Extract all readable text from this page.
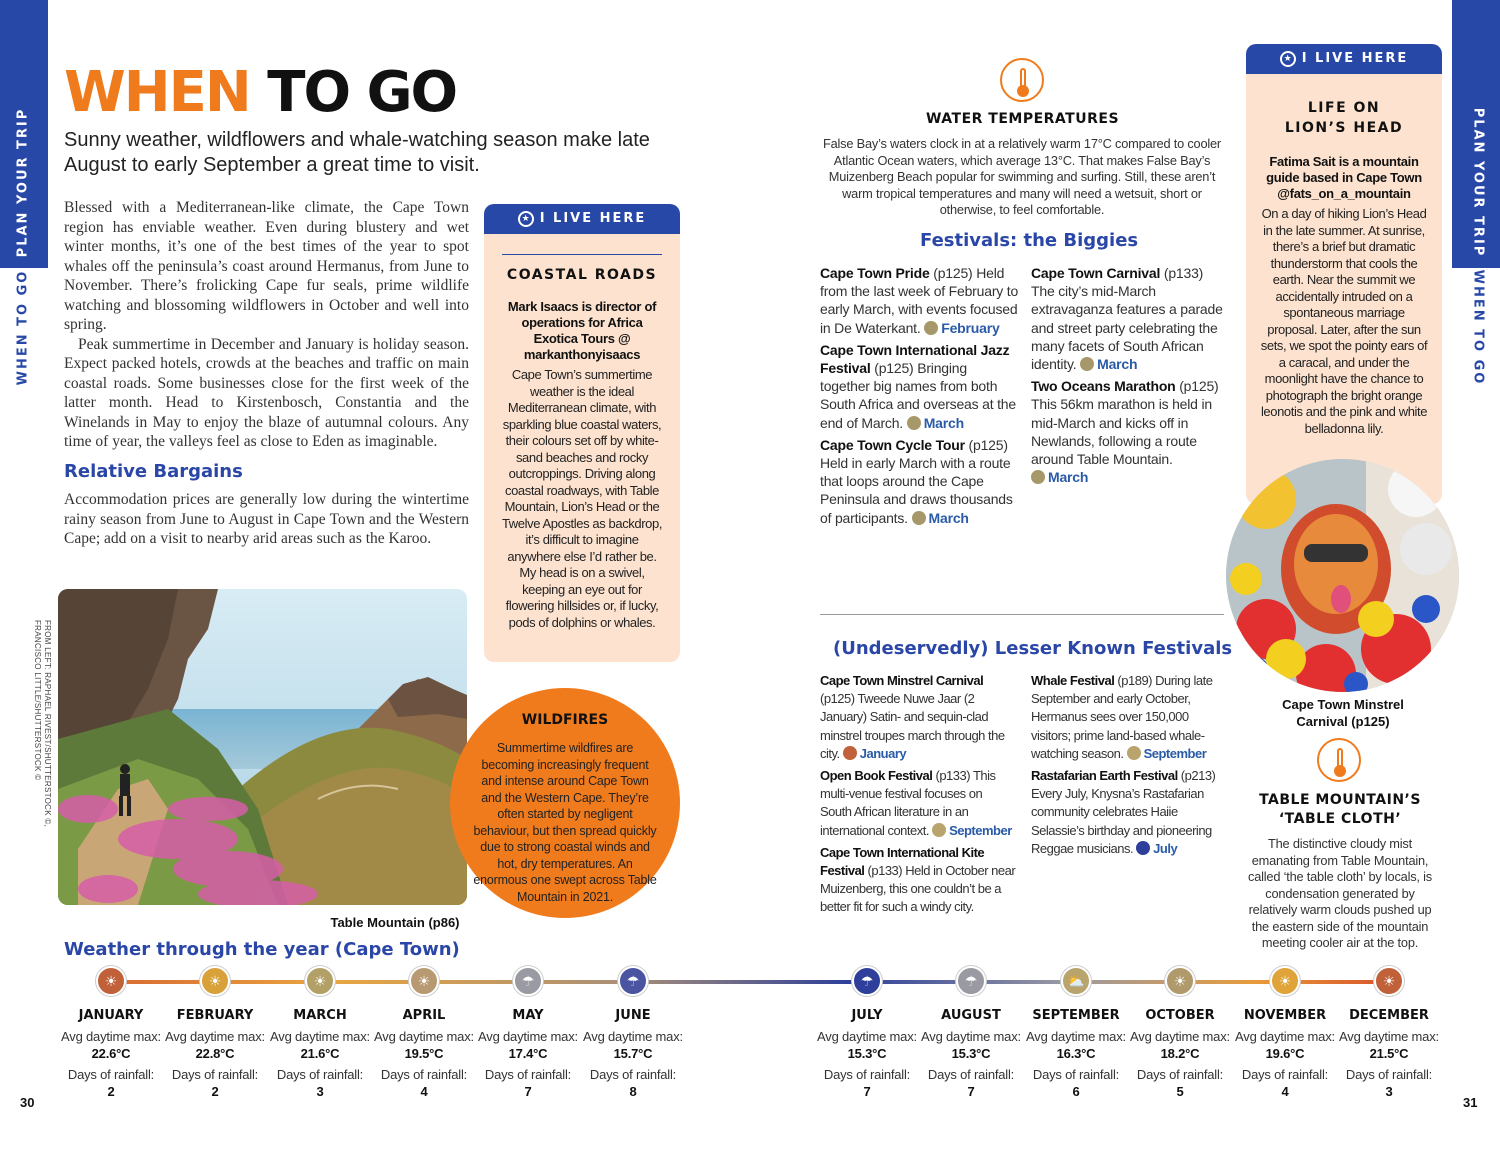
PLAN YOUR TRIP
WHEN TO GO
PLAN YOUR TRIP
WHEN TO GO
WHEN TO GO
Sunny weather, wildflowers and whale-watching season make late August to early September a great time to visit.

Blessed with a Mediterranean-like climate, the Cape Town region has enviable weather. Even during blustery and wet winter months, it’s one of the best times of the year to spot whales off the peninsula’s coast around Hermanus, from June to November. There’s frolicking Cape fur seals, prime wildlife watching and blossoming wildflowers in October and well into spring.

Peak summertime in December and January is holiday season. Expect packed hotels, crowds at the beaches and traffic on main coastal roads. Some businesses close for the first week of the latter month. Head to Kirstenbosch, Constantia and the Winelands in May to enjoy the blaze of autumnal colours. Any time of year, the valleys feel as close to Eden as imaginable.

Relative Bargains
Accommodation prices are generally low during the wintertime rainy season from June to August in Cape Town and the Western Cape; add on a visit to nearby arid areas such as the Karoo.
★ I LIVE HERE
COASTAL ROADS
Mark Isaacs is director of operations for Africa Exotica Tours @ markanthonyisaacs
Cape Town’s summertime weather is the ideal Mediterranean climate, with sparkling blue coastal waters, their colours set off by white-sand beaches and rocky outcroppings. Driving along coastal roadways, with Table Mountain, Lion’s Head or the Twelve Apostles as backdrop, it’s difficult to imagine anywhere else I’d rather be. My head is on a swivel, keeping an eye out for flowering hillsides or, if lucky, pods of dolphins or whales.
★ I LIVE HERE
LIFE ON LION’S HEAD
Fatima Sait is a mountain guide based in Cape Town @fats_on_a_mountain
On a day of hiking Lion’s Head in the late summer. At sunrise, there’s a brief but dramatic thunderstorm that cools the earth. Near the summit we accidentally intruded on a spontaneous marriage proposal. Later, after the sun sets, we spot the pointy ears of a caracal, and under the moonlight have the chance to photograph the bright orange leonotis and the pink and white belladonna lily.
FROM LEFT: RAPHAEL RIVEST/SHUTTERSTOCK ©, FRANCISCO LITTLE/SHUTTERSTOCK ©
Table Mountain (p86)
WILDFIRES
Summertime wildfires are becoming increasingly frequent and intense around Cape Town and the Western Cape. They’re often started by negligent behaviour, but then spread quickly due to strong coastal winds and hot, dry temperatures. An enormous one swept across Table Mountain in 2021.
WATER TEMPERATURES
False Bay’s waters clock in at a relatively warm 17°C compared to cooler Atlantic Ocean waters, which average 13°C. That makes False Bay’s Muizenberg Beach popular for swimming and surfing. Still, these aren’t warm tropical temperatures and many will need a wetsuit, short or otherwise, to feel comfortable.
Festivals: the Biggies
Cape Town Pride (p125) Held from the last week of February to early March, with events focused in De Waterkant. February
Cape Town International Jazz Festival (p125) Bringing together big names from both South Africa and overseas at the end of March. March
Cape Town Cycle Tour (p125) Held in early March with a route that loops around the Cape Peninsula and draws thousands of participants. March
Cape Town Carnival (p133) The city’s mid-March extravaganza features a parade and street party celebrating the many facets of South African identity. March
Two Oceans Marathon (p125) This 56km marathon is held in mid-March and kicks off in Newlands, following a route around Table Mountain. March
(Undeservedly) Lesser Known Festivals
Cape Town Minstrel Carnival (p125) Tweede Nuwe Jaar (2 January) Satin- and sequin-clad minstrel troupes march through the city. January
Open Book Festival (p133) This multi-venue festival focuses on South African literature in an international context. September
Cape Town International Kite Festival (p133) Held in October near Muizenberg, this one couldn’t be a better fit for such a windy city.
Whale Festival (p189) During late September and early October, Hermanus sees over 150,000 visitors; prime land-based whale-watching season. September
Rastafarian Earth Festival (p213) Every July, Knysna’s Rastafarian community celebrates Haiie Selassie’s birthday and pioneering Reggae musicians. July
Cape Town Minstrel Carnival (p125)
TABLE MOUNTAIN’S ‘TABLE CLOTH’
The distinctive cloudy mist emanating from Table Mountain, called ‘the table cloth’ by locals, is condensation generated by relatively warm clouds pushed up the eastern side of the mountain meeting cooler air at the top.
Weather through the year (Cape Town)
☀
JANUARY
Avg daytime max:
22.6°C
Days of rainfall:
2
☀
FEBRUARY
Avg daytime max:
22.8°C
Days of rainfall:
2
☀
MARCH
Avg daytime max:
21.6°C
Days of rainfall:
3
☀
APRIL
Avg daytime max:
19.5°C
Days of rainfall:
4
☂
MAY
Avg daytime max:
17.4°C
Days of rainfall:
7
☂
JUNE
Avg daytime max:
15.7°C
Days of rainfall:
8
☂
JULY
Avg daytime max:
15.3°C
Days of rainfall:
7
☂
AUGUST
Avg daytime max:
15.3°C
Days of rainfall:
7
⛅
SEPTEMBER
Avg daytime max:
16.3°C
Days of rainfall:
6
☀
OCTOBER
Avg daytime max:
18.2°C
Days of rainfall:
5
☀
NOVEMBER
Avg daytime max:
19.6°C
Days of rainfall:
4
☀
DECEMBER
Avg daytime max:
21.5°C
Days of rainfall:
3
30	31
